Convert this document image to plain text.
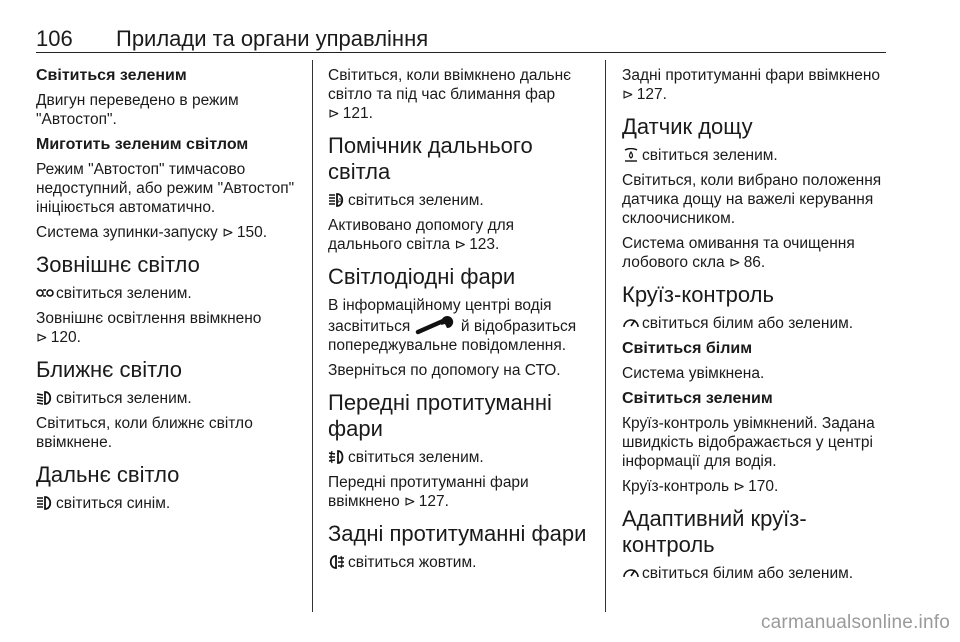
106 Прилади та органи управління
Світиться зеленим

Двигун переведено в режим "Автостоп".

Миготить зеленим світлом

Режим "Автостоп" тимчасово недоступний, або режим "Автостоп" ініціюється автоматично.

Система зупинки-запуску ⊳ 150.

Зовнішнє світло

світиться зеленим.

Зовнішнє освітлення ввімкнено
⊳ 120.

Ближнє світло

світиться зеленим.

Світиться, коли ближнє світло ввімкнене.

Дальнє світло

світиться синім.

Світиться, коли ввімкнено дальнє світло та під час блимання фар
⊳ 121.

Помічник дальнього світла

A світиться зеленим.

Активовано допомогу для дальнього світла ⊳ 123.

Світлодіодні фари

В інформаційному центрі водія засвітиться	й відобразиться попереджувальне повідомлення.

Зверніться по допомогу на СТО.

Передні протитуманні фари

світиться зеленим.

Передні протитуманні фари ввімкнено ⊳ 127.

Задні протитуманні фари

світиться жовтим.

Задні протитуманні фари ввімкнено ⊳ 127.

Датчик дощу

світиться зеленим.

Світиться, коли вибрано положення датчика дощу на важелі керування склоочисником.

Система омивання та очищення лобового скла ⊳ 86.

Круїз-контроль

світиться білим або зеленим.

Світиться білим

Система увімкнена.

Світиться зеленим

Круїз-контроль увімкнений. Задана швидкість відображається у центрі інформації для водія.

Круїз-контроль ⊳ 170.

Адаптивний круїз-контроль

світиться білим або зеленим.

carmanualsonline.info
